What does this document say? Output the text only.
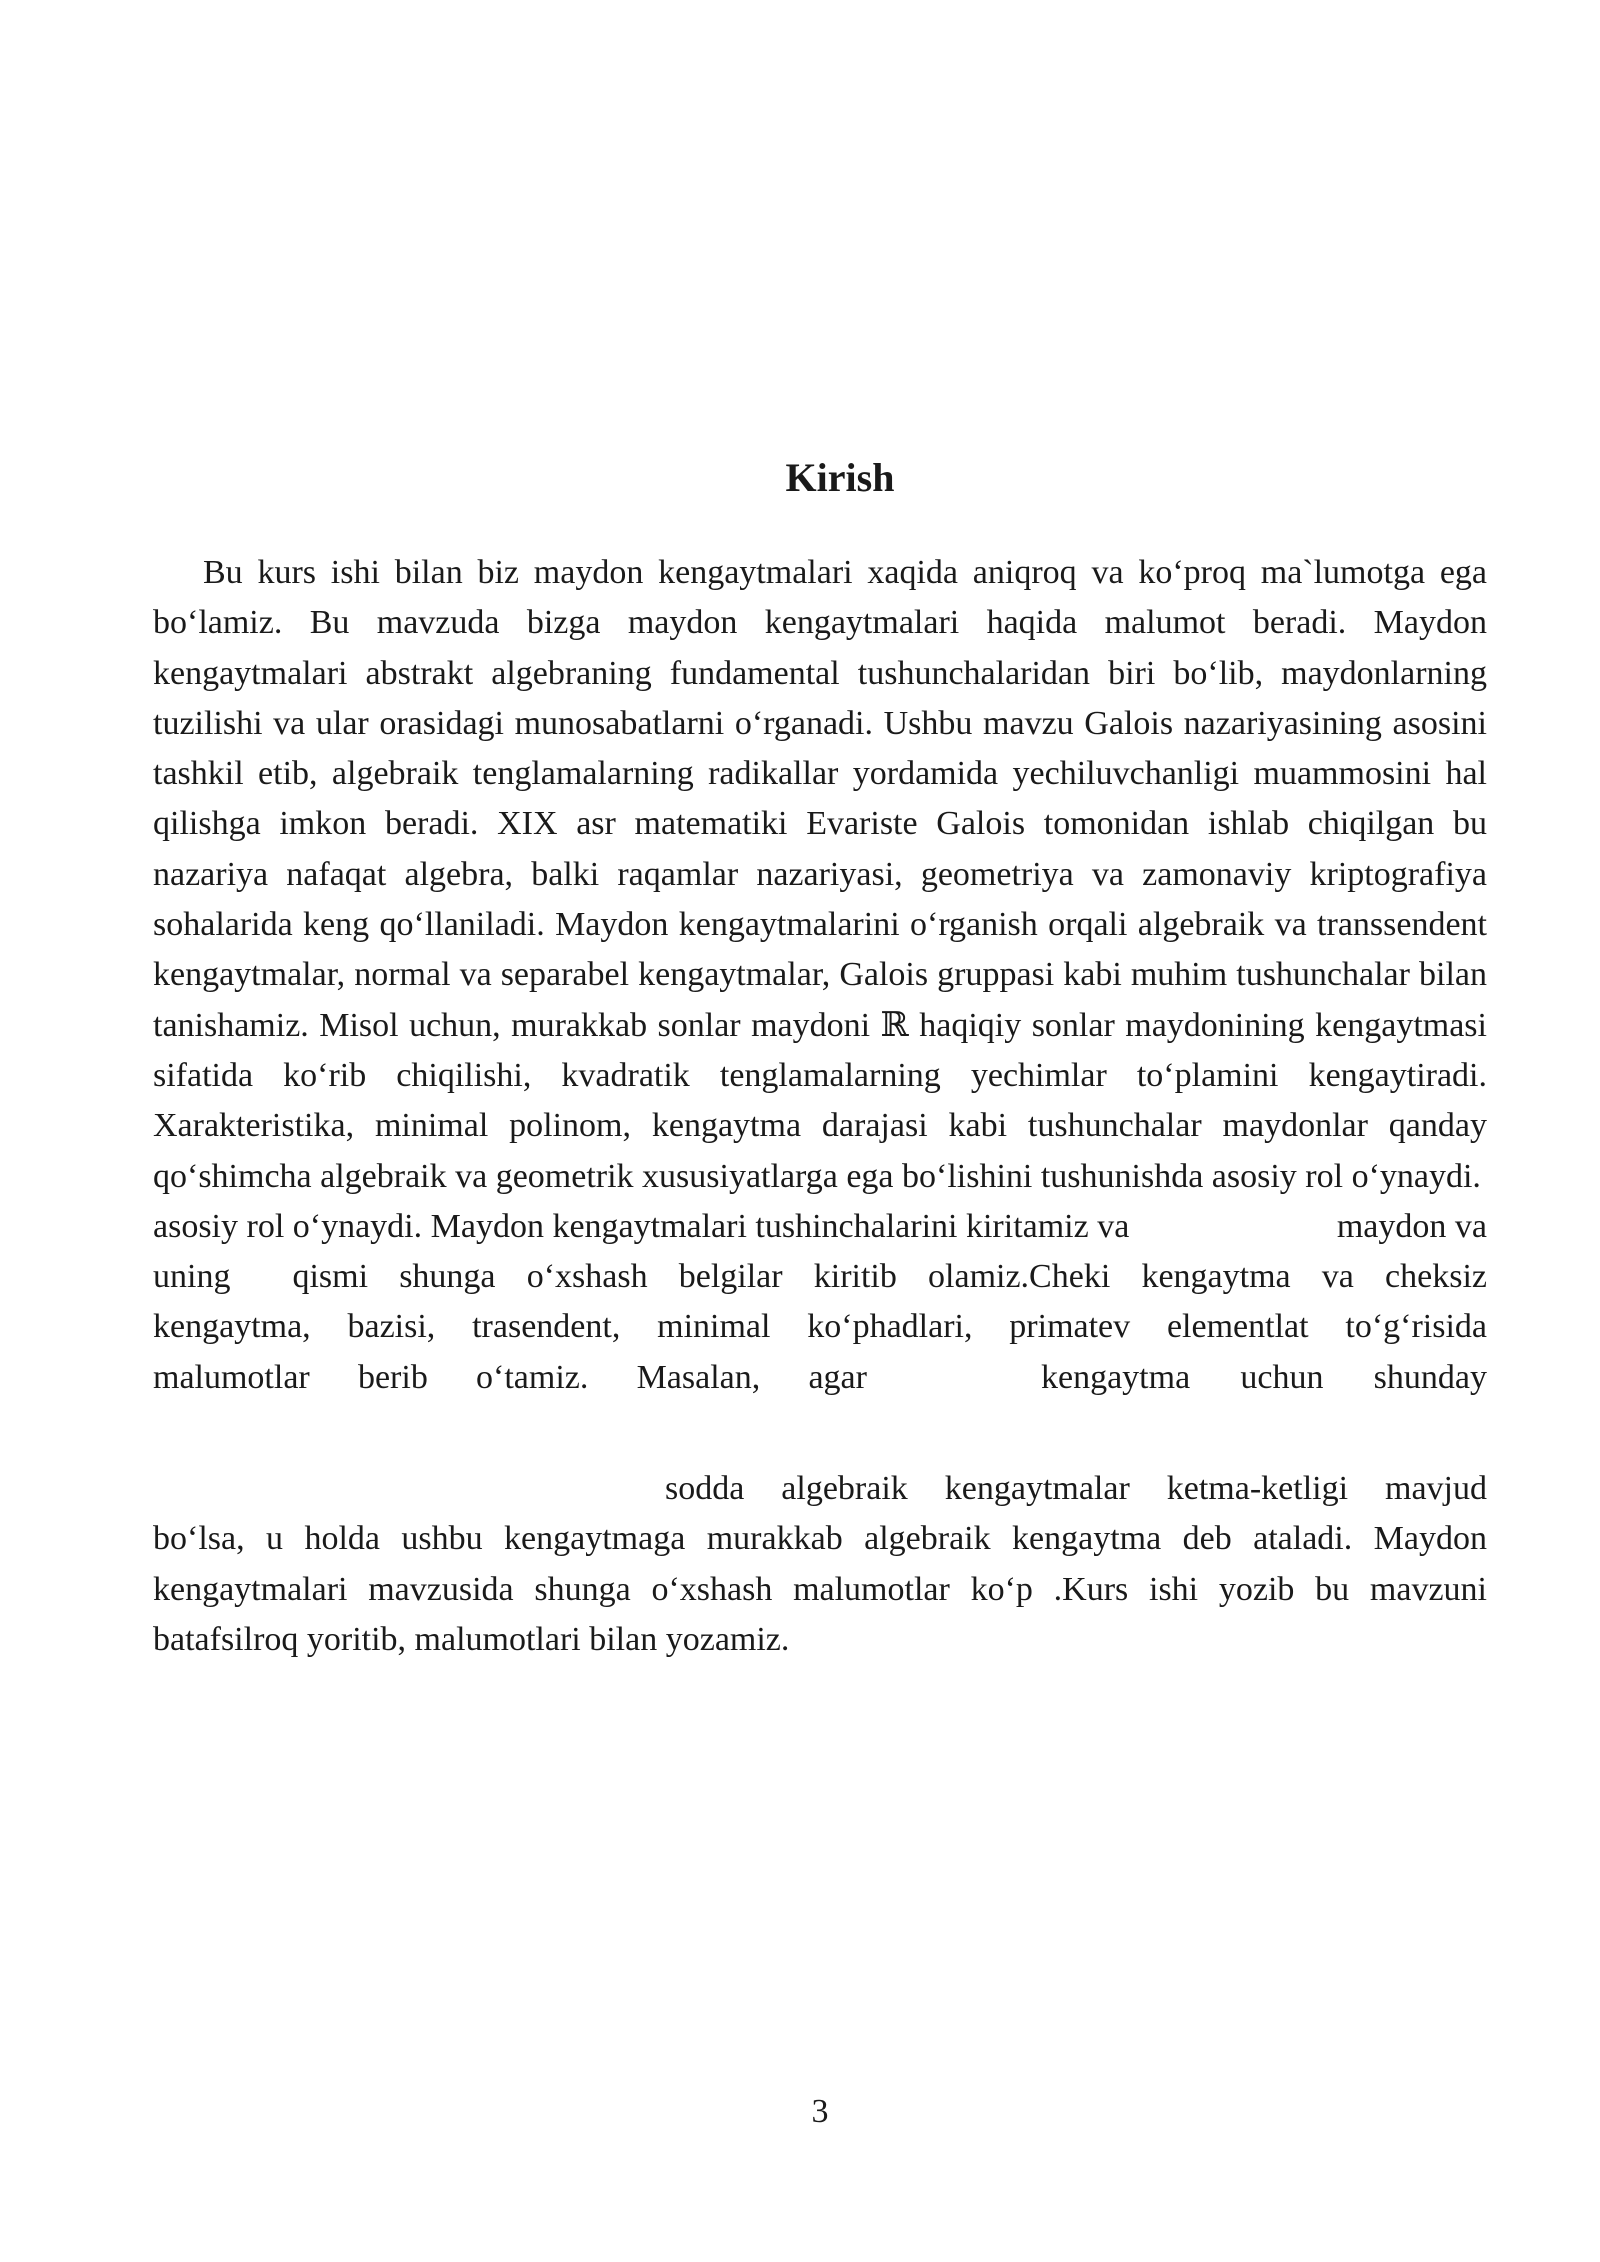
Kirish
Bu kurs ishi bilan biz maydon kengaytmalari xaqida aniqroq va ko‘proq ma`lumotga ega bo‘lamiz. Bu mavzuda bizga maydon kengaytmalari haqida malumot beradi. Maydon kengaytmalari abstrakt algebraning fundamental tushunchalaridan biri bo‘lib, maydonlarning tuzilishi va ular orasidagi munosabatlarni o‘rganadi. Ushbu mavzu Galois nazariyasining asosini tashkil etib, algebraik tenglamalarning radikallar yordamida yechiluvchanligi muammosini hal qilishga imkon beradi. XIX asr matematiki Evariste Galois tomonidan ishlab chiqilgan bu nazariya nafaqat algebra, balki raqamlar nazariyasi, geometriya va zamonaviy kriptografiya sohalarida keng qo‘llaniladi. Maydon kengaytmalarini o‘rganish orqali algebraik va transsendent kengaytmalar, normal va separabel kengaytmalar, Galois gruppasi kabi muhim tushunchalar bilan tanishamiz. Misol uchun, murakkab sonlar maydoni ℝ haqiqiy sonlar maydonining kengaytmasi sifatida ko‘rib chiqilishi, kvadratik tenglamalarning yechimlar to‘plamini kengaytiradi. Xarakteristika, minimal polinom, kengaytma darajasi kabi tushunchalar maydonlar qanday qo‘shimcha algebraik va geometrik xususiyatlarga ega bo‘lishini tushunishda asosiy rol o‘ynaydi.
asosiy rol o‘ynaydi. Maydon kengaytmalari tushinchalarini kiritamiz va	maydon va
uning qismi shunga o‘xshash belgilar kiritib olamiz.Cheki kengaytma va cheksiz
kengaytma, bazisi, trasendent, minimal ko‘phadlari, primatev elementlat to‘g‘risida
malumotlar berib o‘tamiz. Masalan, agar	kengaytma uchun shunday
sodda algebraik kengaytmalar ketma-ketligi mavjud
bo‘lsa, u holda ushbu kengaytmaga murakkab algebraik kengaytma deb ataladi. Maydon kengaytmalari mavzusida shunga o‘xshash malumotlar ko‘p .Kurs ishi yozib bu mavzuni batafsilroq yoritib, malumotlari bilan yozamiz.
3
